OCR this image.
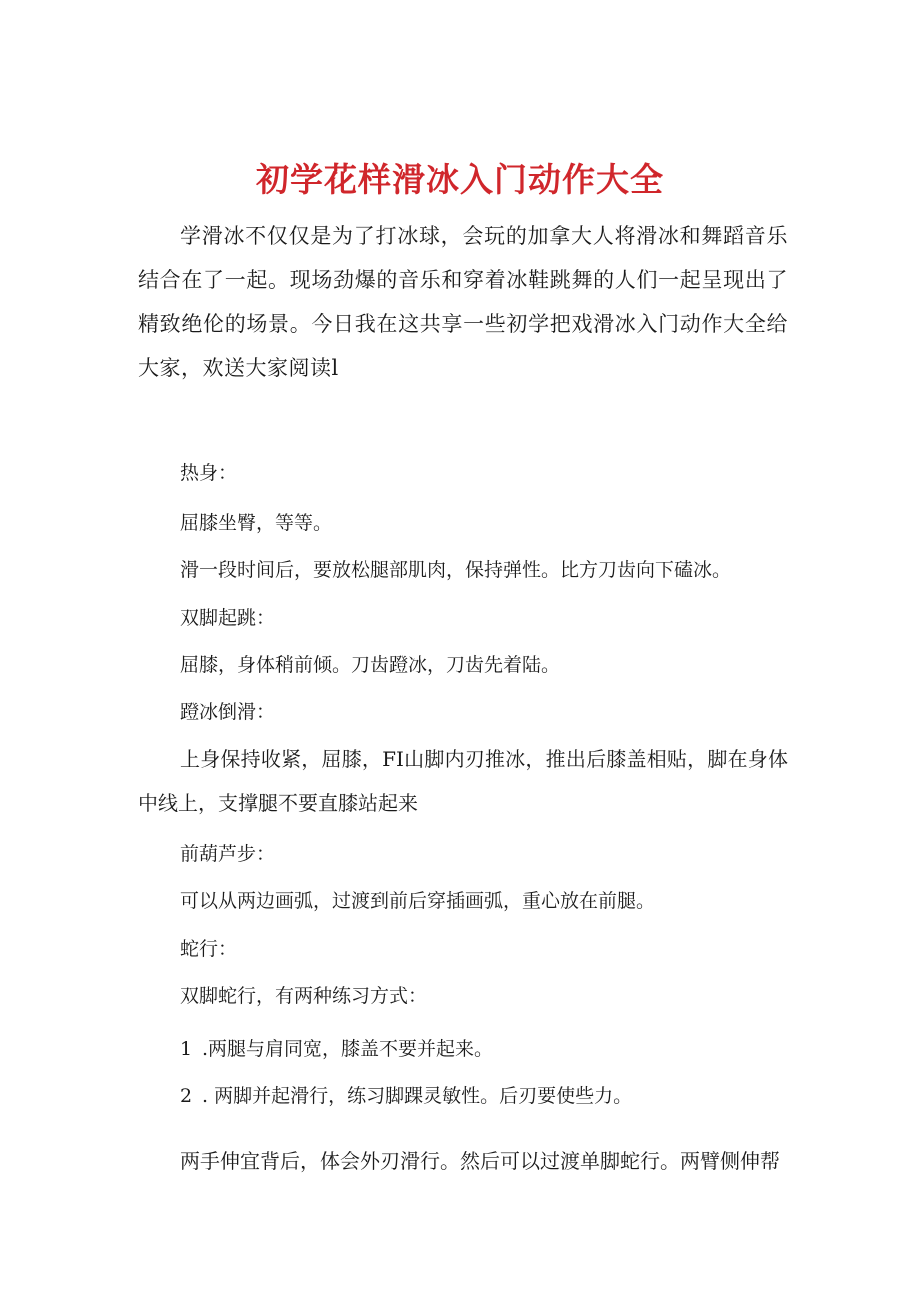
初学花样滑冰入门动作大全

学滑冰不仅仅是为了打冰球，会玩的加拿大人将滑冰和舞蹈音乐结合在了一起。现场劲爆的音乐和穿着冰鞋跳舞的人们一起呈现出了精致绝伦的场景。今日我在这共享一些初学把戏滑冰入门动作大全给大家，欢送大家阅读l

热身：

屈膝坐臀，等等。

滑一段时间后，要放松腿部肌肉，保持弹性。比方刀齿向下磕冰。

双脚起跳：

屈膝，身体稍前倾。刀齿蹬冰，刀齿先着陆。

蹬冰倒滑：

上身保持收紧，屈膝，FI山脚内刃推冰，推出后膝盖相贴，脚在身体中线上，支撑腿不要直膝站起来

前葫芦步：

可以从两边画弧，过渡到前后穿插画弧，重心放在前腿。

蛇行：

双脚蛇行，有两种练习方式：

1 .两腿与肩同宽，膝盖不要并起来。

2 . 两脚并起滑行，练习脚踝灵敏性。后刃要使些力。

两手伸宜背后，体会外刃滑行。然后可以过渡单脚蛇行。两臂侧伸帮
